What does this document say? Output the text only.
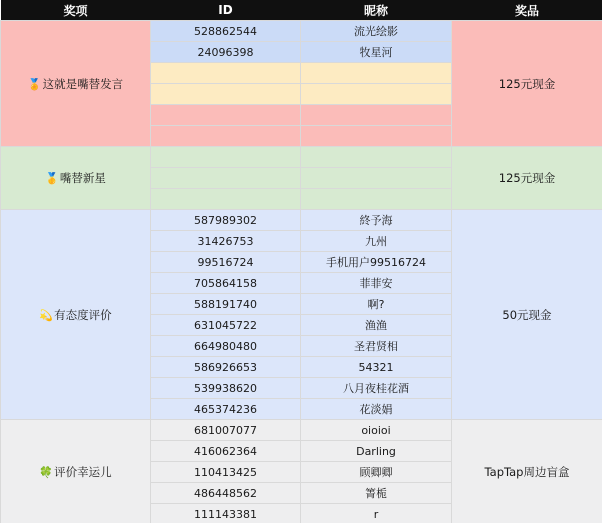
奖项	ID	昵称	奖品
🏅这就是嘴替发言	528862544	流光绘影	125元现金
	24096398	牧星河	

🥇嘴替新星			125元现金

💫有态度评价	587989302	終予海	50元现金
	31426753	九州	
	99516724	手机用户99516724	
	705864158	菲菲安	
	588191740	啊?	
	631045722	渔渔	
	664980480	圣君贤相	
	586926653	54321	
	539938620	八月夜桂花酒	
	465374236	花淡娟	
🍀评价幸运儿	681007077	oioioi	TapTap周边盲盒
	416062364	Darling	
	110413425	顾卿卿	
	486448562	箐栀	
	111143381	r	
